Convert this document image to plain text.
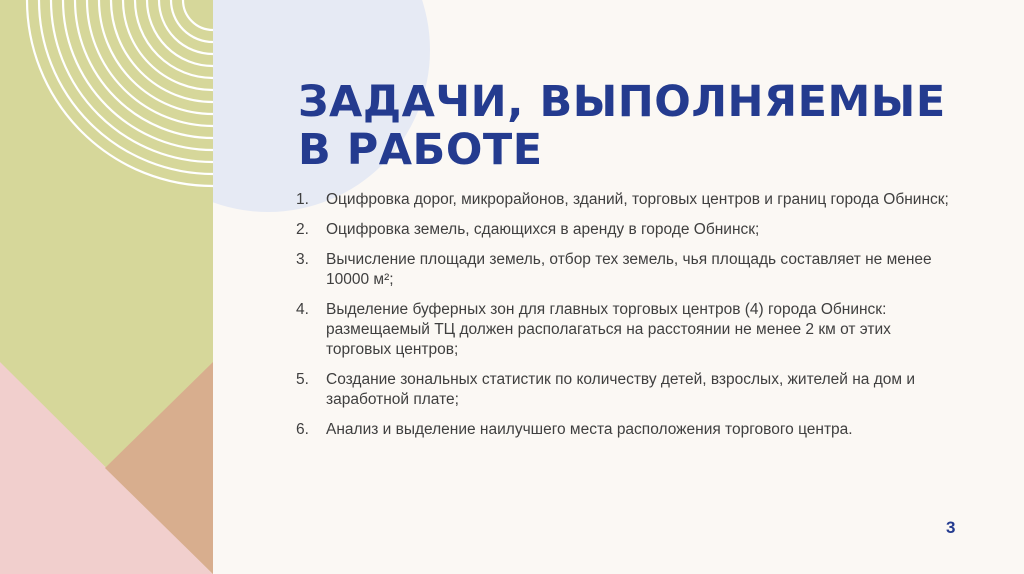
ЗАДАЧИ, ВЫПОЛНЯЕМЫЕ В РАБОТЕ
1.	Оцифровка дорог, микрорайонов, зданий, торговых центров и границ города Обнинск;
2.	Оцифровка земель, сдающихся в аренду в городе Обнинск;
3.	Вычисление площади земель, отбор тех земель, чья площадь составляет не менее 10000 м²;
4.	Выделение буферных зон для главных торговых центров (4) города Обнинск: размещаемый ТЦ должен располагаться на расстоянии не менее 2 км от этих торговых центров;
5.	Создание зональных статистик по количеству детей, взрослых, жителей на дом и заработной плате;
6.	Анализ и выделение наилучшего места расположения торгового центра.
3
